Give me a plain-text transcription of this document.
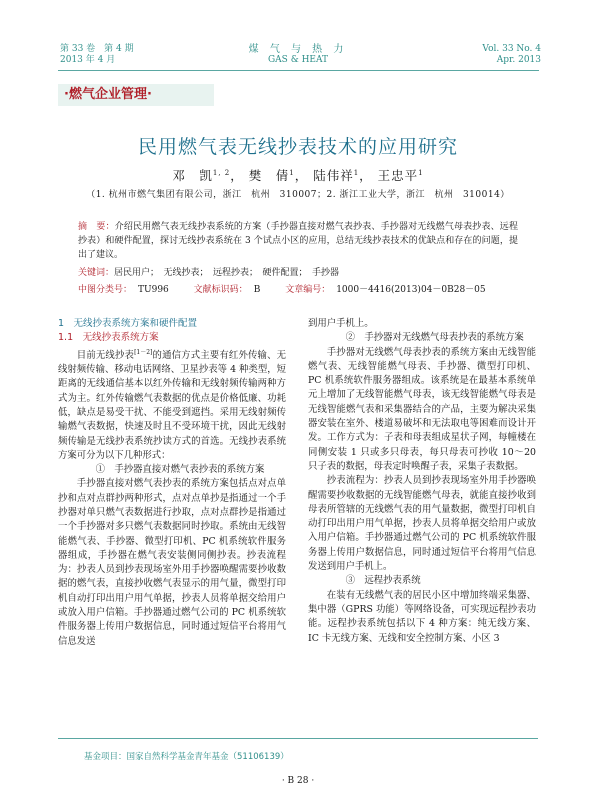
第 33 卷　第 4 期
2013 年 4 月
煤 气 与 热 力
GAS & HEAT
Vol. 33 No. 4
Apr. 2013
·燃气企业管理·
民用燃气表无线抄表技术的应用研究
邓　凯$^{1, 2}$， 樊　倩$^1$， 陆伟祥$^1$， 王忠平$^1$
（1. 杭州市燃气集团有限公司，浙江　杭州　310007；2. 浙江工业大学，浙江　杭州　310014）
摘　要：介绍民用燃气表无线抄表系统的方案（手抄器直接对燃气表抄表、手抄器对无线燃气母表抄表、远程抄表）和硬件配置，探讨无线抄表系统在 3 个试点小区的应用，总结无线抄表技术的优缺点和存在的问题，提出了建议。
关键词：居民用户；　无线抄表；　远程抄表；　硬件配置；　手抄器
中图分类号： TU996	文献标识码： B	文章编号： 1000－4416(2013)04－0B28－05

1　无线抄表系统方案和硬件配置

1.1　无线抄表系统方案

目前无线抄表[1－2]的通信方式主要有红外传输、无线射频传输、移动电话网络、卫星抄表等 4 种类型，短距离的无线通信基本以红外传输和无线射频传输两种方式为主。红外传输燃气表数据的优点是价格低廉、功耗低，缺点是易受干扰、不能受到遮挡。采用无线射频传输燃气表数据，快速及时且不受环境干扰，因此无线射频传输是无线抄表系统抄读方式的首选。无线抄表系统方案可分为以下几种形式：

①　手抄器直接对燃气表抄表的系统方案

手抄器直接对燃气表抄表的系统方案包括点对点单抄和点对点群抄两种形式，点对点单抄是指通过一个手抄器对单只燃气表数据进行抄取，点对点群抄是指通过一个手抄器对多只燃气表数据同时抄取。系统由无线智能燃气表、手抄器、微型打印机、PC 机系统软件服务器组成，手抄器在燃气表安装侧同侧抄表。抄表流程为：抄表人员到抄表现场室外用手抄器唤醒需要抄收数据的燃气表，直接抄收燃气表显示的用气量，微型打印机自动打印出用户用气单据，抄表人员将单据交给用户或放入用户信箱。手抄器通过燃气公司的 PC 机系统软件服务器上传用户数据信息，同时通过短信平台将用气信息发送

到用户手机上。

②　手抄器对无线燃气母表抄表的系统方案

手抄器对无线燃气母表抄表的系统方案由无线智能燃气表、无线智能燃气母表、手抄器、微型打印机、PC 机系统软件服务器组成。该系统是在最基本系统单元上增加了无线智能燃气母表，该无线智能燃气母表是无线智能燃气表和采集器结合的产品，主要为解决采集器安装在室外、楼道易破坏和无法取电等困难而设计开发。工作方式为：子表和母表组成星状子网，每幢楼在同侧安装 1 只或多只母表，每只母表可抄收 10～20 只子表的数据，母表定时唤醒子表，采集子表数据。

抄表流程为：抄表人员到抄表现场室外用手抄器唤醒需要抄收数据的无线智能燃气母表，就能直接抄收到母表所管辖的无线燃气表的用气量数据，微型打印机自动打印出用户用气单据，抄表人员将单据交给用户或放入用户信箱。手抄器通过燃气公司的 PC 机系统软件服务器上传用户数据信息，同时通过短信平台将用气信息发送到用户手机上。

③　远程抄表系统

在装有无线燃气表的居民小区中增加终端采集器、集中器（GPRS 功能）等网络设备，可实现远程抄表功能。远程抄表系统包括以下 4 种方案：纯无线方案、IC 卡无线方案、无线和安全控制方案、小区 3

基金项目：国家自然科学基金青年基金（51106139）
· B 28 ·
